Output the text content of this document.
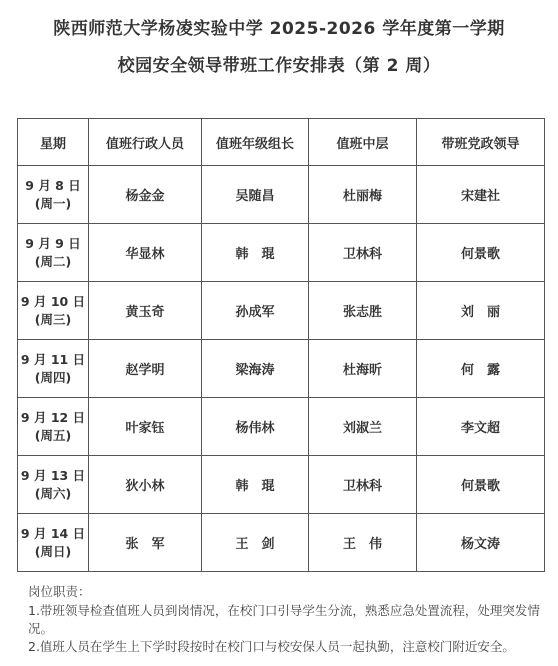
陕西师范大学杨凌实验中学 2025-2026 学年度第一学期
校园安全领导带班工作安排表（第 2 周）
星期	值班行政人员	值班年级组长	值班中层	带班党政领导

9 月 8 日
(周一)	杨金金	吴随昌	杜丽梅	宋建社

9 月 9 日
(周二)	华显林	韩　琨	卫林科	何景歌

9 月 10 日
(周三)	黄玉奇	孙成军	张志胜	刘　丽

9 月 11 日
(周四)	赵学明	梁海涛	杜海昕	何　露

9 月 12 日
(周五)	叶家钰	杨伟林	刘淑兰	李文超

9 月 13 日
(周六)	狄小林	韩　琨	卫林科	何景歌

9 月 14 日
(周日)	张　军	王　剑	王　伟	杨文涛

岗位职责：

1.带班领导检查值班人员到岗情况，在校门口引导学生分流，熟悉应急处置流程，处理突发情况。

2.值班人员在学生上下学时段按时在校门口与校安保人员一起执勤，注意校门附近安全。
